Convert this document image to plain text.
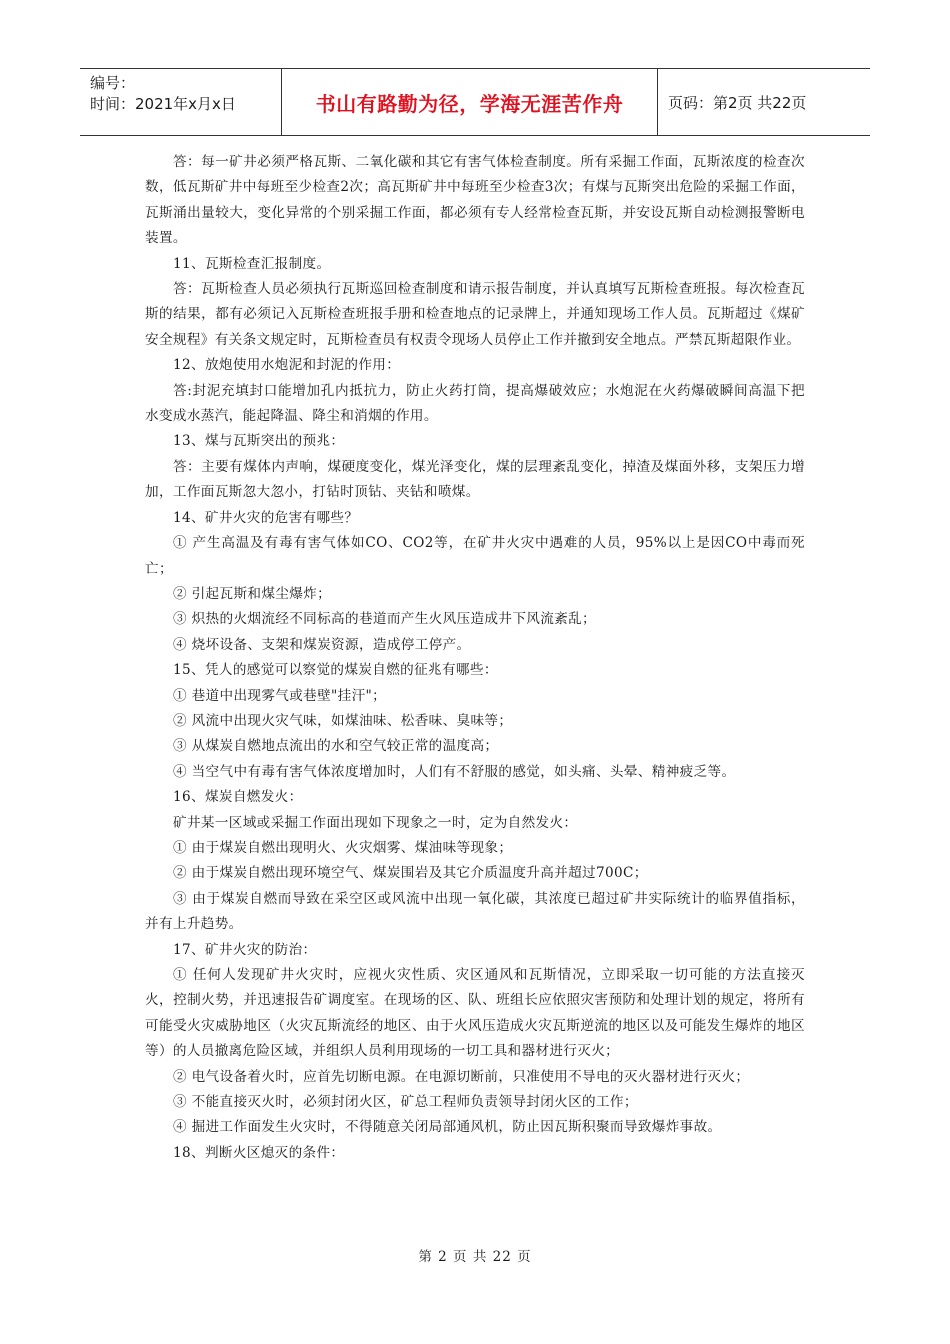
编号：
时间：2021年x月x日	书山有路勤为径，学海无涯苦作舟	页码：第2页 共22页

答：每一矿井必须严格瓦斯、二氧化碳和其它有害气体检查制度。所有采掘工作面，瓦斯浓度的检查次数，低瓦斯矿井中每班至少检查2次；高瓦斯矿井中每班至少检查3次；有煤与瓦斯突出危险的采掘工作面，瓦斯涌出量较大，变化异常的个别采掘工作面，都必须有专人经常检查瓦斯，并安设瓦斯自动检测报警断电装置。

11、瓦斯检查汇报制度。

答：瓦斯检查人员必须执行瓦斯巡回检查制度和请示报告制度，并认真填写瓦斯检查班报。每次检查瓦斯的结果，都有必须记入瓦斯检查班报手册和检查地点的记录牌上，并通知现场工作人员。瓦斯超过《煤矿安全规程》有关条文规定时，瓦斯检查员有权责令现场人员停止工作并撤到安全地点。严禁瓦斯超限作业。

12、放炮使用水炮泥和封泥的作用：

答:封泥充填封口能增加孔内抵抗力，防止火药打筒，提高爆破效应；水炮泥在火药爆破瞬间高温下把水变成水蒸汽，能起降温、降尘和消烟的作用。

13、煤与瓦斯突出的预兆：

答：主要有煤体内声响，煤硬度变化，煤光泽变化，煤的层理紊乱变化，掉渣及煤面外移，支架压力增加，工作面瓦斯忽大忽小，打钻时顶钻、夹钻和喷煤。

14、矿井火灾的危害有哪些？

① 产生高温及有毒有害气体如CO、CO2等，在矿井火灾中遇难的人员，95%以上是因CO中毒而死亡；

② 引起瓦斯和煤尘爆炸；

③ 炽热的火烟流经不同标高的巷道而产生火风压造成井下风流紊乱；

④ 烧坏设备、支架和煤炭资源，造成停工停产。

15、凭人的感觉可以察觉的煤炭自燃的征兆有哪些：

① 巷道中出现雾气或巷壁"挂汗"；

② 风流中出现火灾气味，如煤油味、松香味、臭味等；

③ 从煤炭自燃地点流出的水和空气较正常的温度高；

④ 当空气中有毒有害气体浓度增加时，人们有不舒服的感觉，如头痛、头晕、精神疲乏等。

16、煤炭自燃发火：

矿井某一区域或采掘工作面出现如下现象之一时，定为自然发火：

① 由于煤炭自燃出现明火、火灾烟雾、煤油味等现象；

② 由于煤炭自燃出现环境空气、煤炭围岩及其它介质温度升高并超过700C；

③ 由于煤炭自燃而导致在采空区或风流中出现一氧化碳，其浓度已超过矿井实际统计的临界值指标，并有上升趋势。

17、矿井火灾的防治：

① 任何人发现矿井火灾时，应视火灾性质、灾区通风和瓦斯情况，立即采取一切可能的方法直接灭火，控制火势，并迅速报告矿调度室。在现场的区、队、班组长应依照灾害预防和处理计划的规定，将所有可能受火灾威胁地区（火灾瓦斯流经的地区、由于火风压造成火灾瓦斯逆流的地区以及可能发生爆炸的地区等）的人员撤离危险区域，并组织人员利用现场的一切工具和器材进行灭火；

② 电气设备着火时，应首先切断电源。在电源切断前，只准使用不导电的灭火器材进行灭火；

③ 不能直接灭火时，必须封闭火区，矿总工程师负责领导封闭火区的工作；

④ 掘进工作面发生火灾时，不得随意关闭局部通风机，防止因瓦斯积聚而导致爆炸事故。

18、判断火区熄灭的条件：

第 2 页 共 22 页
